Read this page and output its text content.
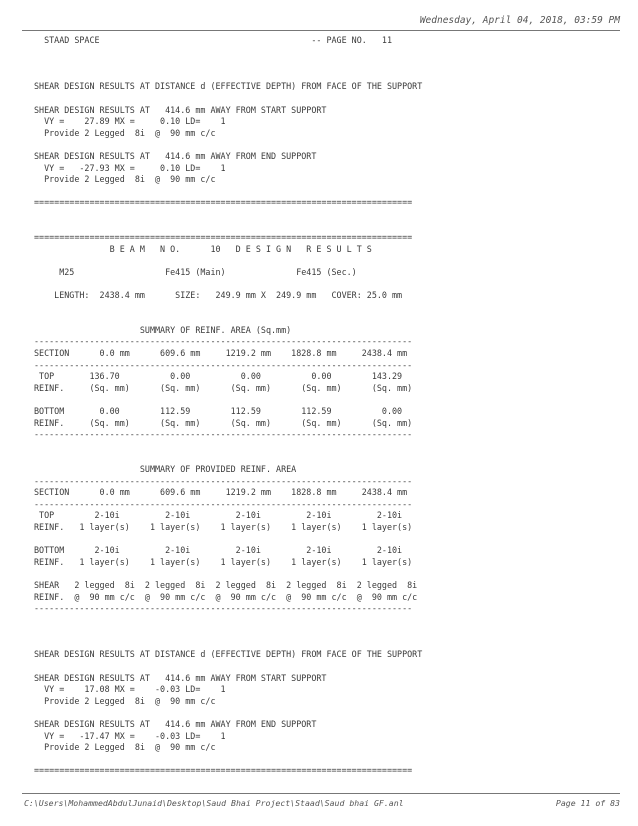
Wednesday, April 04, 2018, 03:59 PM
STAAD SPACE                                          -- PAGE NO.   11

SHEAR DESIGN RESULTS AT DISTANCE d (EFFECTIVE DEPTH) FROM FACE OF THE SUPPORT

SHEAR DESIGN RESULTS AT   414.6 mm AWAY FROM START SUPPORT
VY =    27.89 MX =     0.10 LD=    1
Provide 2 Legged  8i  @  90 mm c/c

SHEAR DESIGN RESULTS AT   414.6 mm AWAY FROM END SUPPORT
VY =   -27.93 MX =     0.10 LD=    1
Provide 2 Legged  8i  @  90 mm c/c

===========================================================================

===========================================================================
B E A M   N O.      10   D E S I G N   R E S U L T S

M25                  Fe415 (Main)              Fe415 (Sec.)

LENGTH:  2438.4 mm      SIZE:   249.9 mm X  249.9 mm   COVER: 25.0 mm

SUMMARY OF REINF. AREA (Sq.mm)
---------------------------------------------------------------------------
SECTION      0.0 mm      609.6 mm     1219.2 mm    1828.8 mm     2438.4 mm
---------------------------------------------------------------------------
TOP       136.70          0.00          0.00          0.00        143.29
REINF.     (Sq. mm)      (Sq. mm)      (Sq. mm)      (Sq. mm)      (Sq. mm)

BOTTOM       0.00        112.59        112.59        112.59          0.00
REINF.     (Sq. mm)      (Sq. mm)      (Sq. mm)      (Sq. mm)      (Sq. mm)
---------------------------------------------------------------------------

SUMMARY OF PROVIDED REINF. AREA
---------------------------------------------------------------------------
SECTION      0.0 mm      609.6 mm     1219.2 mm    1828.8 mm     2438.4 mm
---------------------------------------------------------------------------
TOP        2-10i         2-10i         2-10i         2-10i         2-10i
REINF.   1 layer(s)    1 layer(s)    1 layer(s)    1 layer(s)    1 layer(s)

BOTTOM      2-10i         2-10i         2-10i         2-10i         2-10i
REINF.   1 layer(s)    1 layer(s)    1 layer(s)    1 layer(s)    1 layer(s)

SHEAR   2 legged  8i  2 legged  8i  2 legged  8i  2 legged  8i  2 legged  8i
REINF.  @  90 mm c/c  @  90 mm c/c  @  90 mm c/c  @  90 mm c/c  @  90 mm c/c
---------------------------------------------------------------------------

SHEAR DESIGN RESULTS AT DISTANCE d (EFFECTIVE DEPTH) FROM FACE OF THE SUPPORT

SHEAR DESIGN RESULTS AT   414.6 mm AWAY FROM START SUPPORT
VY =    17.08 MX =    -0.03 LD=    1
Provide 2 Legged  8i  @  90 mm c/c

SHEAR DESIGN RESULTS AT   414.6 mm AWAY FROM END SUPPORT
VY =   -17.47 MX =    -0.03 LD=    1
Provide 2 Legged  8i  @  90 mm c/c

===========================================================================
C:\Users\MohammedAbdulJunaid\Desktop\Saud Bhai Project\Staad\Saud bhai GF.anl	Page 11 of 83
